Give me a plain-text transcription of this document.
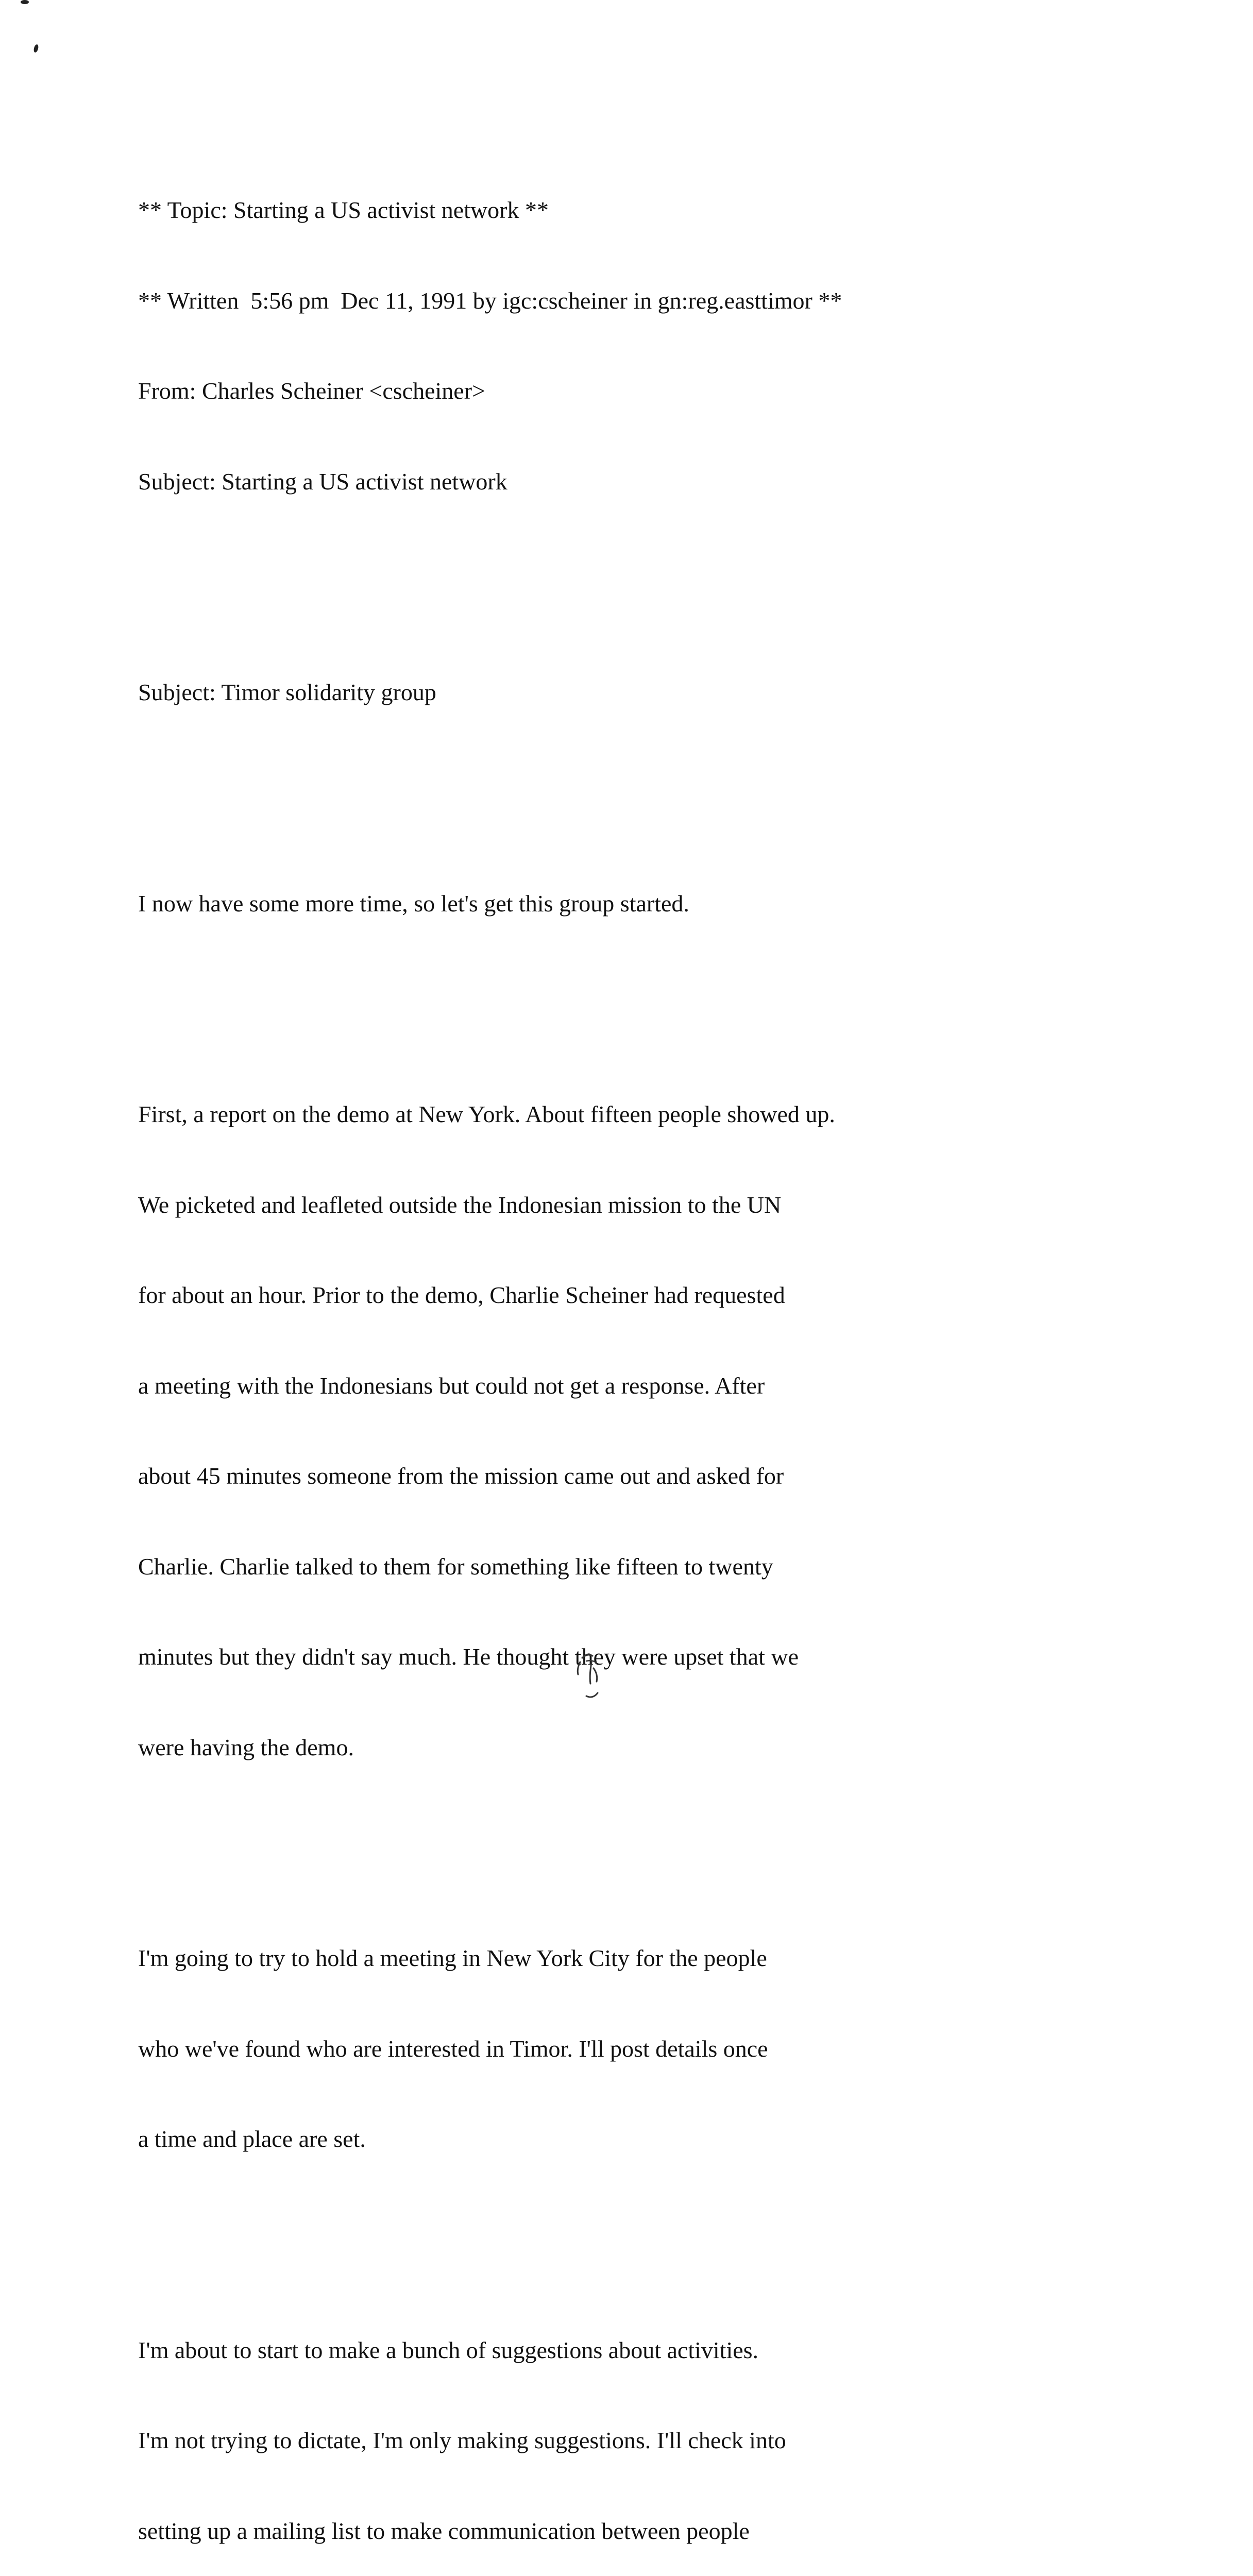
** Topic: Starting a US activist network **

** Written  5:56 pm  Dec 11, 1991 by igc:cscheiner in gn:reg.easttimor **

From: Charles Scheiner <cscheiner>

Subject: Starting a US activist network

Subject: Timor solidarity group

I now have some more time, so let's get this group started.

First, a report on the demo at New York. About fifteen people showed up.

We picketed and leafleted outside the Indonesian mission to the UN

for about an hour. Prior to the demo, Charlie Scheiner had requested

a meeting with the Indonesians but could not get a response. After

about 45 minutes someone from the mission came out and asked for

Charlie. Charlie talked to them for something like fifteen to twenty

minutes but they didn't say much. He thought they were upset that we

were having the demo.

I'm going to try to hold a meeting in New York City for the people

who we've found who are interested in Timor. I'll post details once

a time and place are set.

I'm about to start to make a bunch of suggestions about activities.

I'm not trying to dictate, I'm only making suggestions. I'll check into

setting up a mailing list to make communication between people
